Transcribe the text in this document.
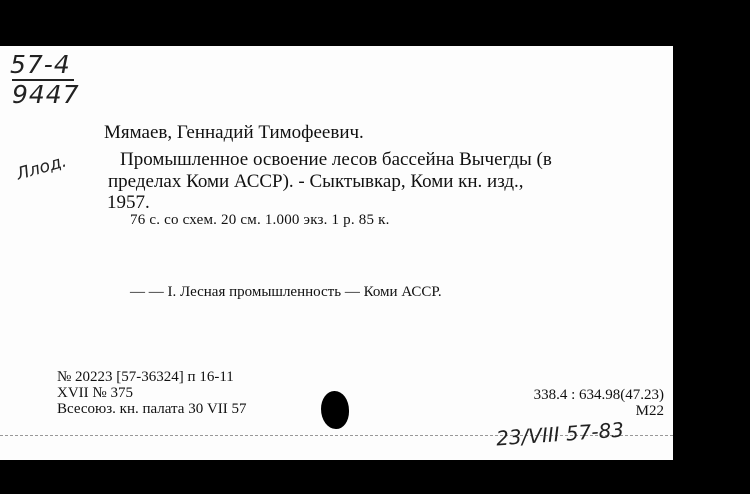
57-4
9447
Ллод.
Мямаев, Геннадий Тимофеевич.
Промышленное освоение лесов бассейна Вычегды (в
пределах Коми АССР). - Сыктывкар, Коми кн. изд.,
1957.
76 с. со схем. 20 см. 1.000 экз. 1 р. 85 к.
— — I. Лесная промышленность — Коми АССР.
№ 20223 [57-36324] п 16-11
XVII № 375
Всесоюз. кн. палата 30 VII 57
338.4 : 634.98(47.23)
М22
23/VIII 57-83
